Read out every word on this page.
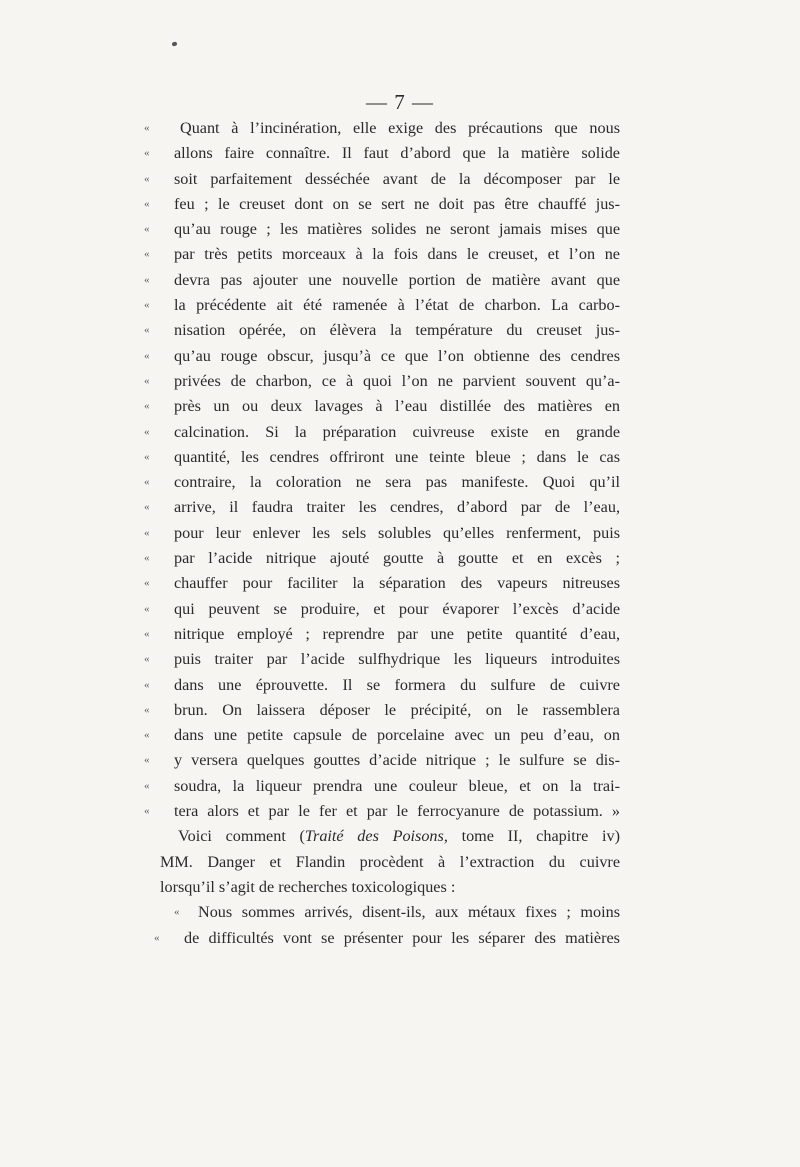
— 7 —
«	Quant à l’incinération, elle exige des précautions que nous
«	allons faire connaître. Il faut d’abord que la matière solide
«	soit parfaitement desséchée avant de la décomposer par le
«	feu ; le creuset dont on se sert ne doit pas être chauffé jus-
«	qu’au rouge ; les matières solides ne seront jamais mises que
«	par très petits morceaux à la fois dans le creuset, et l’on ne
«	devra pas ajouter une nouvelle portion de matière avant que
«	la précédente ait été ramenée à l’état de charbon. La carbo-
«	nisation opérée, on élèvera la température du creuset jus-
«	qu’au rouge obscur, jusqu’à ce que l’on obtienne des cendres
«	privées de charbon, ce à quoi l’on ne parvient souvent qu’a-
«	près un ou deux lavages à l’eau distillée des matières en
«	calcination. Si la préparation cuivreuse existe en grande
«	quantité, les cendres offriront une teinte bleue ; dans le cas
«	contraire, la coloration ne sera pas manifeste. Quoi qu’il
«	arrive, il faudra traiter les cendres, d’abord par de l’eau,
«	pour leur enlever les sels solubles qu’elles renferment, puis
«	par l’acide nitrique ajouté goutte à goutte et en excès ;
«	chauffer pour faciliter la séparation des vapeurs nitreuses
«	qui peuvent se produire, et pour évaporer l’excès d’acide
«	nitrique employé ; reprendre par une petite quantité d’eau,
«	puis traiter par l’acide sulfhydrique les liqueurs introduites
«	dans une éprouvette. Il se formera du sulfure de cuivre
«	brun. On laissera déposer le précipité, on le rassemblera
«	dans une petite capsule de porcelaine avec un peu d’eau, on
«	y versera quelques gouttes d’acide nitrique ; le sulfure se dis-
«	soudra, la liqueur prendra une couleur bleue, et on la trai-
«	tera alors et par le fer et par le ferrocyanure de potassium. »
Voici comment (Traité des Poisons, tome II, chapitre iv)
MM. Danger et Flandin procèdent à l’extraction du cuivre
lorsqu’il s’agit de recherches toxicologiques :
«	Nous sommes arrivés, disent-ils, aux métaux fixes ; moins
«	de difficultés vont se présenter pour les séparer des matières
